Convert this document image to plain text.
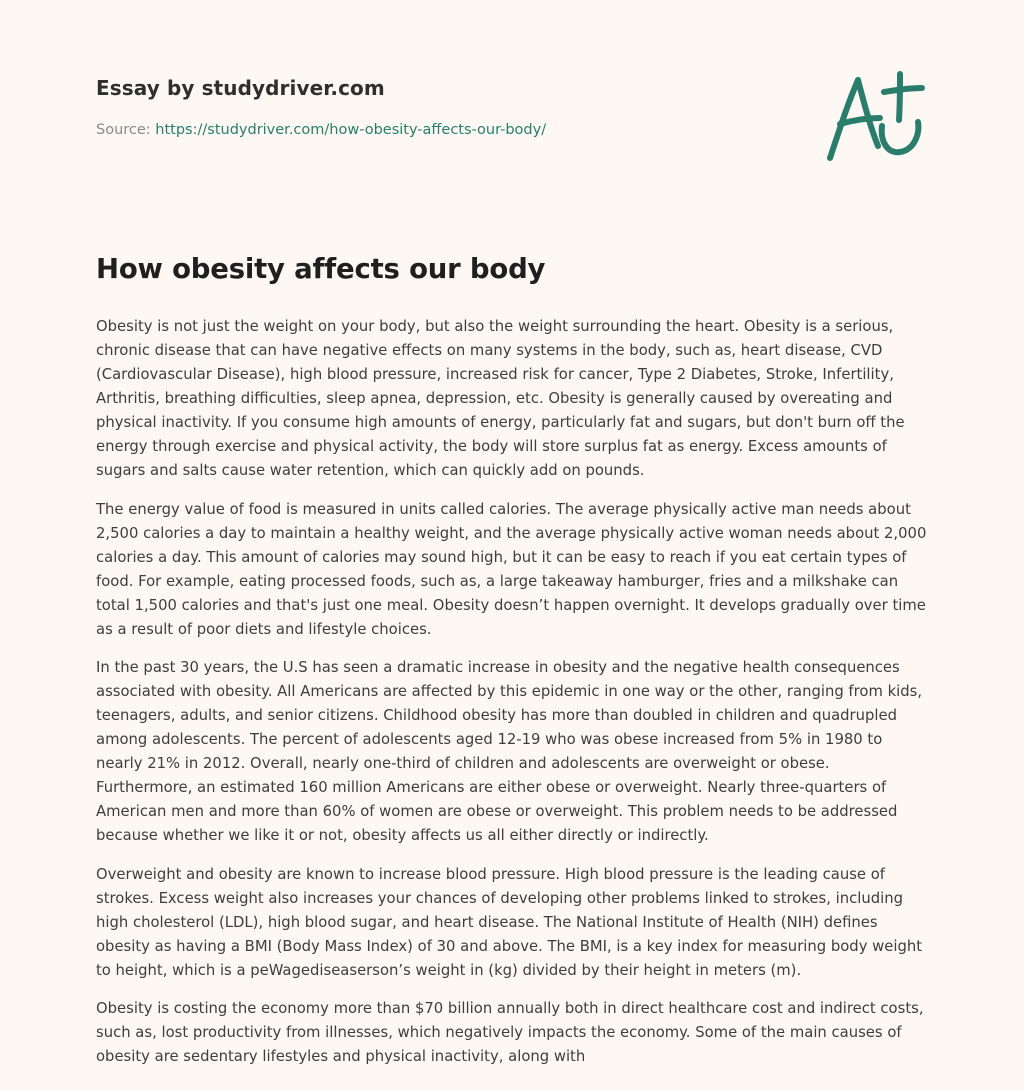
Essay by studydriver.com
Source: https://studydriver.com/how-obesity-affects-our-body/
How obesity affects our body

Obesity is not just the weight on your body, but also the weight surrounding the heart. Obesity is a serious, chronic disease that can have negative effects on many systems in the body, such as, heart disease, CVD (Cardiovascular Disease), high blood pressure, increased risk for cancer, Type 2 Diabetes, Stroke, Infertility, Arthritis, breathing difficulties, sleep apnea, depression, etc. Obesity is generally caused by overeating and physical inactivity. If you consume high amounts of energy, particularly fat and sugars, but don't burn off the energy through exercise and physical activity, the body will store surplus fat as energy. Excess amounts of sugars and salts cause water retention, which can quickly add on pounds.

The energy value of food is measured in units called calories. The average physically active man needs about 2,500 calories a day to maintain a healthy weight, and the average physically active woman needs about 2,000 calories a day. This amount of calories may sound high, but it can be easy to reach if you eat certain types of food. For example, eating processed foods, such as, a large takeaway hamburger, fries and a milkshake can total 1,500 calories and that's just one meal. Obesity doesn’t happen overnight. It develops gradually over time as a result of poor diets and lifestyle choices.

In the past 30 years, the U.S has seen a dramatic increase in obesity and the negative health consequences associated with obesity. All Americans are affected by this epidemic in one way or the other, ranging from kids, teenagers, adults, and senior citizens. Childhood obesity has more than doubled in children and quadrupled among adolescents. The percent of adolescents aged 12-19 who was obese increased from 5% in 1980 to nearly 21% in 2012. Overall, nearly one-third of children and adolescents are overweight or obese. Furthermore, an estimated 160 million Americans are either obese or overweight. Nearly three-quarters of American men and more than 60% of women are obese or overweight. This problem needs to be addressed because whether we like it or not, obesity affects us all either directly or indirectly.

Overweight and obesity are known to increase blood pressure. High blood pressure is the leading cause of strokes. Excess weight also increases your chances of developing other problems linked to strokes, including high cholesterol (LDL), high blood sugar, and heart disease. The National Institute of Health (NIH) defines obesity as having a BMI (Body Mass Index) of 30 and above. The BMI, is a key index for measuring body weight to height, which is a peWagediseaserson’s weight in (kg) divided by their height in meters (m).

Obesity is costing the economy more than $70 billion annually both in direct healthcare cost and indirect costs, such as, lost productivity from illnesses, which negatively impacts the economy. Some of the main causes of obesity are sedentary lifestyles and physical inactivity, along with
